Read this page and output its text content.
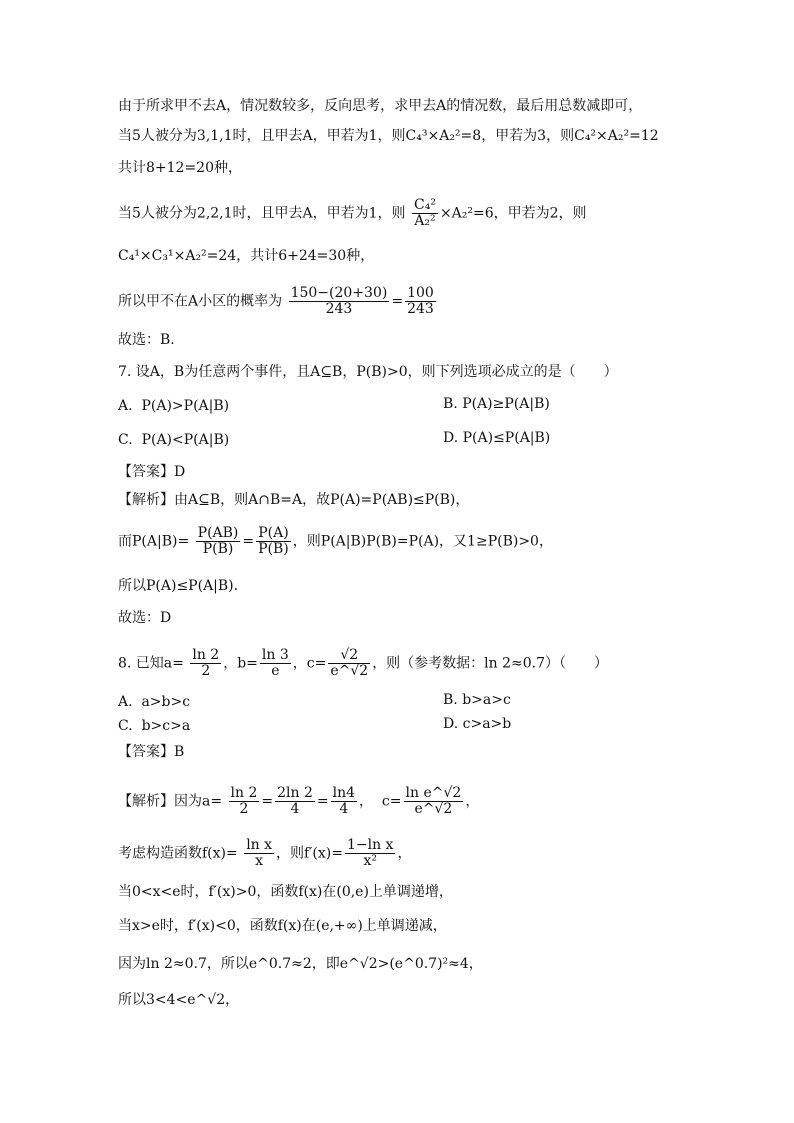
由于所求甲不去A，情况数较多，反向思考，求甲去A的情况数，最后用总数减即可，
当5人被分为3,1,1时，且甲去A，甲若为1，则C₄³×A₂²=8，甲若为3，则C₄²×A₂²=12
共计8+12=20种，
当5人被分为2,2,1时，且甲去A，甲若为1，则 $\frac{\text{C₄²}}{\text{A₂²}} \times A_2^2=6$，甲若为2，则
C₄¹×C₃¹×A₂²=24，共计6+24=30种，
所以甲不在A小区的概率为 $\frac{150-(20+30)}{243} = \frac{100}{243}$
故选：B.
7. 设A，B为任意两个事件，且A⊆B，P(B)>0，则下列选项必成立的是（　　）
A.  P(A)>P(A|B)	B. P(A)≥P(A|B)
C.  P(A)<P(A|B)	D. P(A)≤P(A|B)
【答案】D
【解析】由A⊆B，则A∩B=A，故P(A)=P(AB)≤P(B)，
而$P(A|B)= \frac{P(AB)}{P(B)} = \frac{P(A)}{P(B)}$ ，则P(A|B)P(B)=P(A)，又1≥P(B)>0，
所以P(A)≤P(A|B).
故选：D
8. 已知$a= \frac{\ln 2}{2}$ ，$b= \frac{\ln 3}{e}$ ，$c= \frac{√2}{e\^{}√2}$ ，则（参考数据：ln 2≈0.7）（　　）
A.  a>b>c	B. b>a>c
C.  b>c>a	D. c>a>b
【答案】B
【解析】因为$a= \frac{\ln 2}{2} = \frac{2\ln 2}{4} = \frac{\ln 4}{4}$ ，  $c= \frac{\text{ln e\textasciicircum{}√2}}{e\^{}√2}$ ，
考虑构造函数$f(x)= \frac{\text{ln x}}{x}$ ，则$f'(x)= \frac{\text{1−ln x}}{\text{x²}}$ ，
当0<x<e时，f′(x)>0，函数f(x)在(0,e)上单调递增，
当x>e时，f′(x)<0，函数f(x)在(e,+∞)上单调递减，
因为ln 2≈0.7，所以e^0.7≈2，即e^√2>(e^0.7)²≈4，
所以3<4<e^√2，
